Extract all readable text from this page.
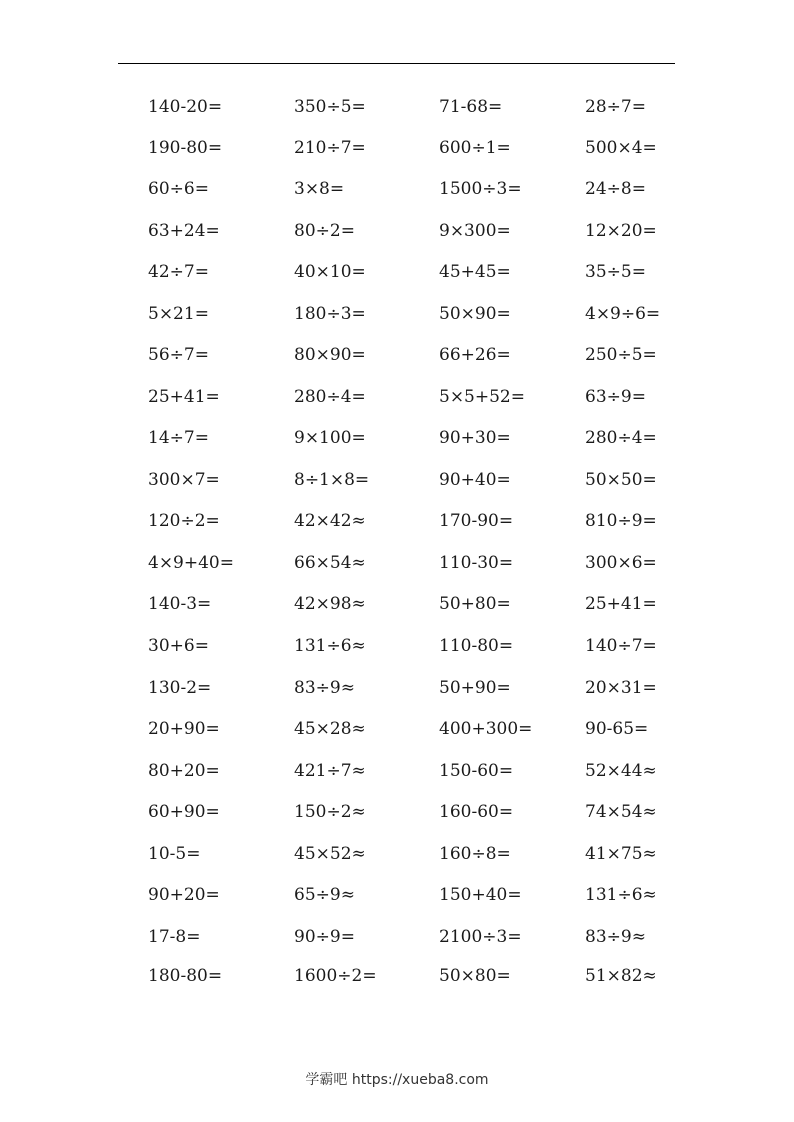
140-20=	350÷5=	71-68=	28÷7=
190-80=	210÷7=	600÷1=	500×4=
60÷6=	3×8=	1500÷3=	24÷8=
63+24=	80÷2=	9×300=	12×20=
42÷7=	40×10=	45+45=	35÷5=
5×21=	180÷3=	50×90=	4×9÷6=
56÷7=	80×90=	66+26=	250÷5=
25+41=	280÷4=	5×5+52=	63÷9=
14÷7=	9×100=	90+30=	280÷4=
300×7=	8÷1×8=	90+40=	50×50=
120÷2=	42×42≈	170-90=	810÷9=
4×9+40=	66×54≈	110-30=	300×6=
140-3=	42×98≈	50+80=	25+41=
30+6=	131÷6≈	110-80=	140÷7=
130-2=	83÷9≈	50+90=	20×31=
20+90=	45×28≈	400+300=	90-65=
80+20=	421÷7≈	150-60=	52×44≈
60+90=	150÷2≈	160-60=	74×54≈
10-5=	45×52≈	160÷8=	41×75≈
90+20=	65÷9≈	150+40=	131÷6≈
17-8=	90÷9=	2100÷3=	83÷9≈
180-80=	1600÷2=	50×80=	51×82≈
学霸吧 https://xueba8.com
